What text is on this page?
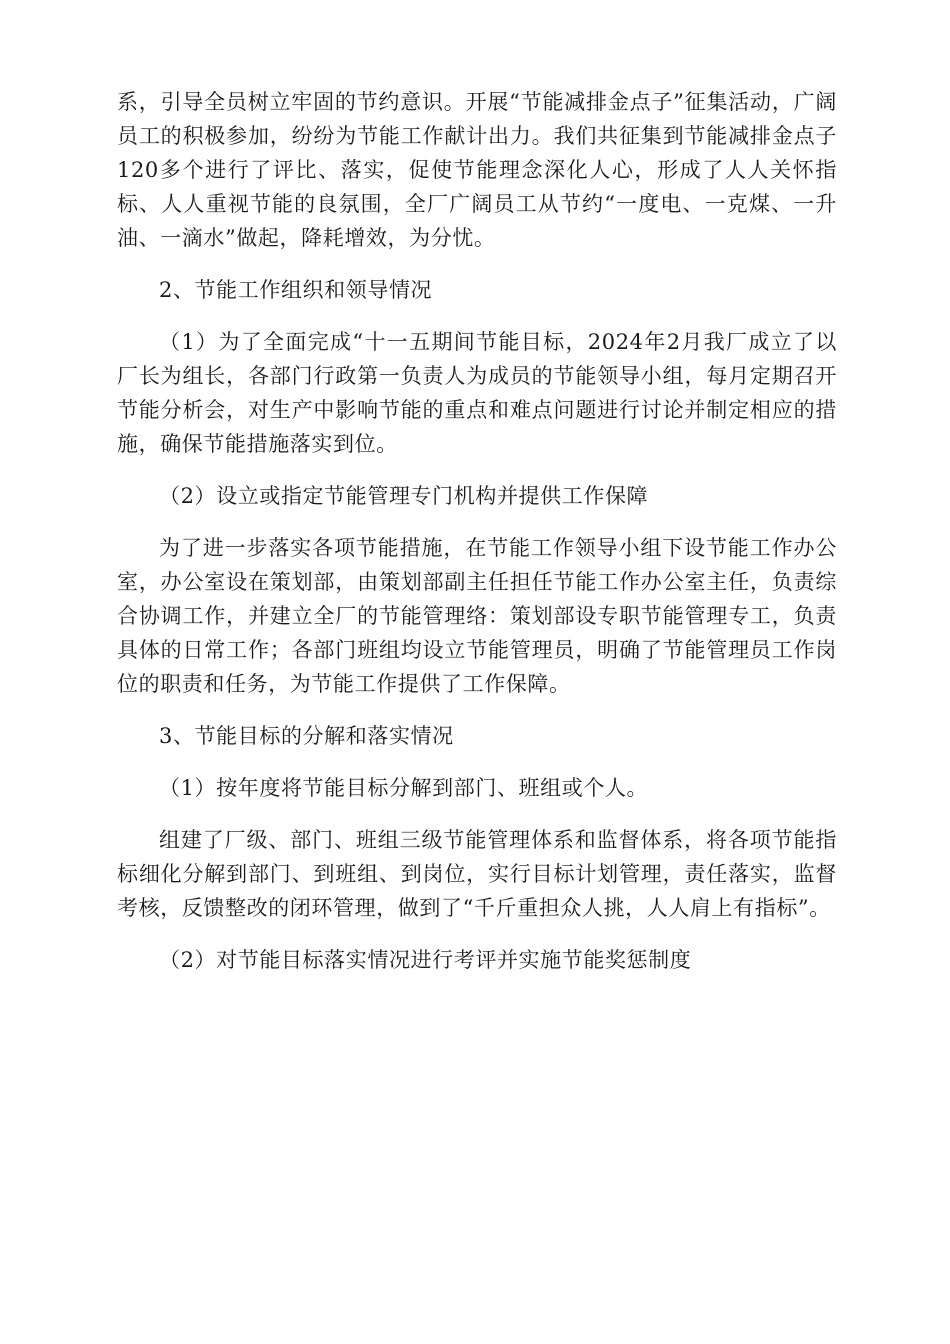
系，引导全员树立牢固的节约意识。开展“节能减排金点子”征集活动，广阔员工的积极参加，纷纷为节能工作献计出力。我们共征集到节能减排金点子120多个进行了评比、落实，促使节能理念深化人心，形成了人人关怀指标、人人重视节能的良氛围，全厂广阔员工从节约“一度电、一克煤、一升油、一滴水”做起，降耗增效，为分忧。

2、节能工作组织和领导情况

（1）为了全面完成“十一五期间节能目标，2024年2月我厂成立了以厂长为组长，各部门行政第一负责人为成员的节能领导小组，每月定期召开节能分析会，对生产中影响节能的重点和难点问题进行讨论并制定相应的措施，确保节能措施落实到位。

（2）设立或指定节能管理专门机构并提供工作保障

为了进一步落实各项节能措施，在节能工作领导小组下设节能工作办公室，办公室设在策划部，由策划部副主任担任节能工作办公室主任，负责综合协调工作，并建立全厂的节能管理络：策划部设专职节能管理专工，负责具体的日常工作；各部门班组均设立节能管理员，明确了节能管理员工作岗位的职责和任务，为节能工作提供了工作保障。

3、节能目标的分解和落实情况

（1）按年度将节能目标分解到部门、班组或个人。

组建了厂级、部门、班组三级节能管理体系和监督体系，将各项节能指标细化分解到部门、到班组、到岗位，实行目标计划管理，责任落实，监督考核，反馈整改的闭环管理，做到了“千斤重担众人挑，人人肩上有指标”。

（2）对节能目标落实情况进行考评并实施节能奖惩制度
